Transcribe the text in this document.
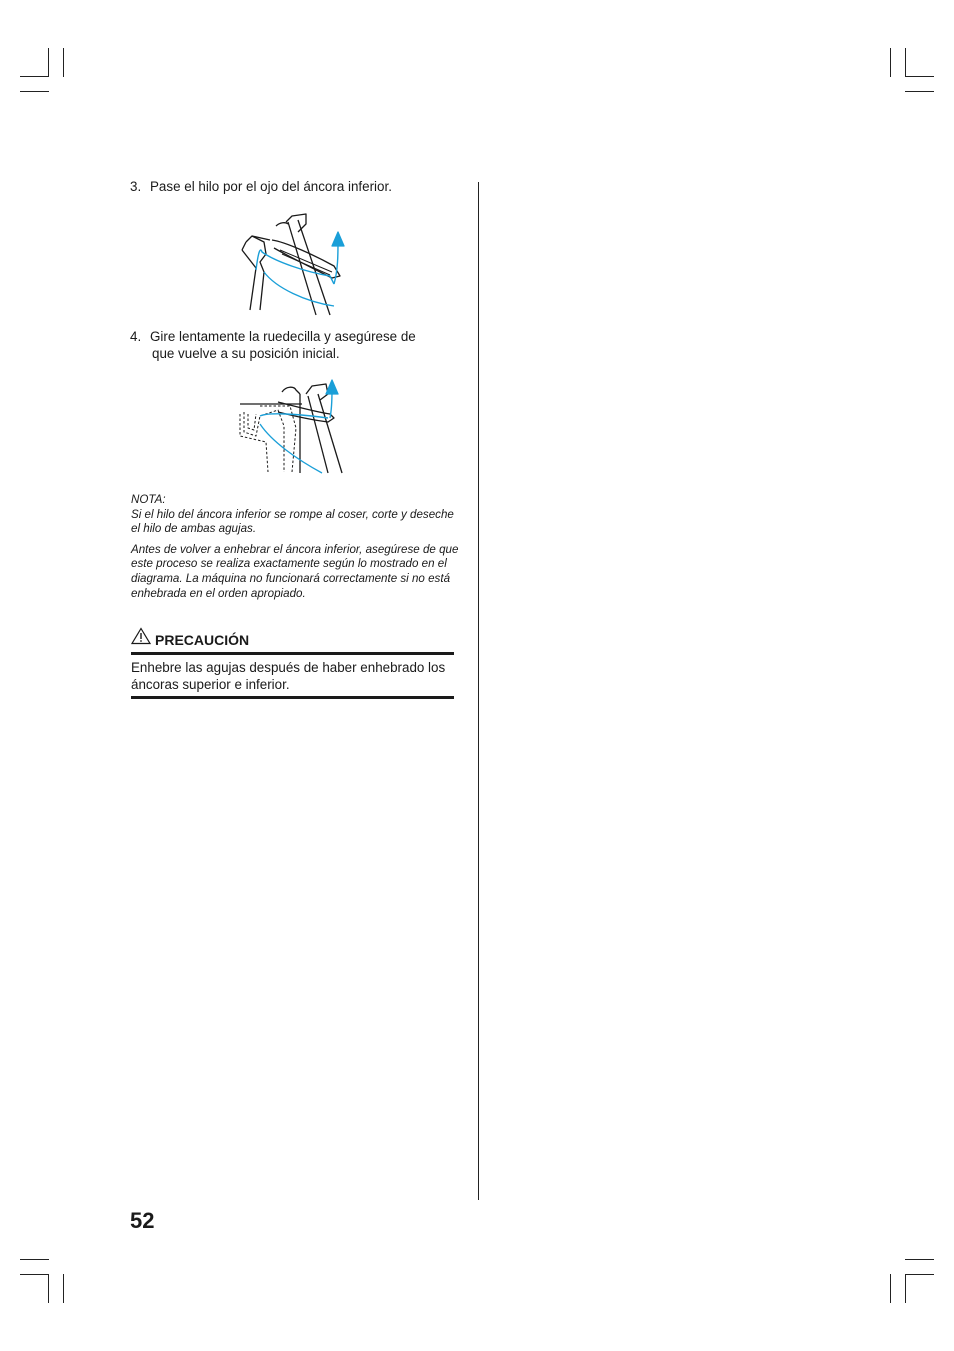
3. Pase el hilo por el ojo del áncora inferior.
4. Gire lentamente la ruedecilla y asegúrese de
que vuelve a su posición inicial.

NOTA:

Si el hilo del áncora inferior se rompe al coser, corte y deseche el hilo de ambas agujas.

Antes de volver a enhebrar el áncora inferior, asegúrese de que este proceso se realiza exactamente según lo mostrado en el diagrama. La máquina no funcionará correctamente si no está enhebrada en el orden apropiado.

PRECAUCIÓN
Enhebre las agujas después de haber enhebrado los áncoras superior e inferior.
52
